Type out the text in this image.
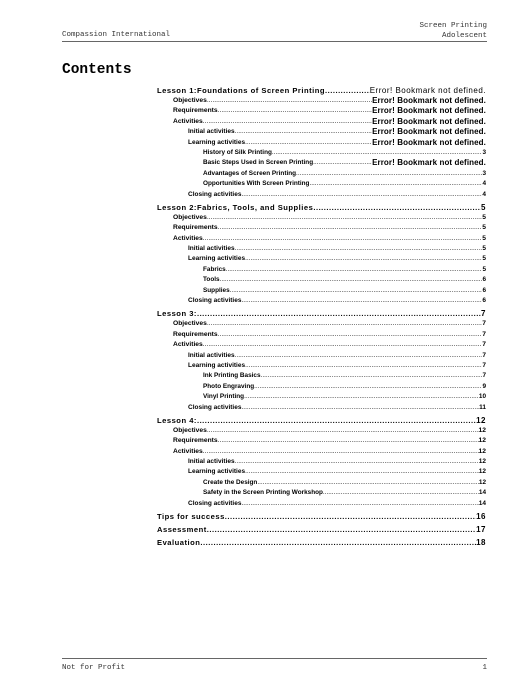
Compassion International
Screen Printing
Adolescent
Contents
Lesson 1:Foundations of Screen Printing .....	Error! Bookmark not defined.
Objectives .....	Error! Bookmark not defined.
Requirements .....	Error! Bookmark not defined.
Activities .....	Error! Bookmark not defined.
Initial activities .....	Error! Bookmark not defined.
Learning activities .....	Error! Bookmark not defined.
History of Silk Printing .....	3
Basic Steps Used in Screen Printing .....	Error! Bookmark not defined.
Advantages of Screen Printing .....	3
Opportunities With Screen Printing .....	4
Closing activities .....	4
Lesson 2:Fabrics, Tools, and Supplies .....	5
Objectives .....	5
Requirements .....	5
Activities .....	5
Initial activities .....	5
Learning activities .....	5
Fabrics .....	5
Tools .....	6
Supplies .....	6
Closing activities .....	6
Lesson 3: .....	7
Objectives .....	7
Requirements .....	7
Activities .....	7
Initial activities .....	7
Learning activities .....	7
Ink Printing Basics .....	7
Photo Engraving .....	9
Vinyl Printing .....	10
Closing activities .....	11
Lesson 4: .....	12
Objectives .....	12
Requirements .....	12
Activities .....	12
Initial activities .....	12
Learning activities .....	12
Create the Design .....	12
Safety in the Screen Printing Workshop .....	14
Closing activities .....	14
Tips for success .....	16
Assessment .....	17
Evaluation .....	18
Not for Profit	1
